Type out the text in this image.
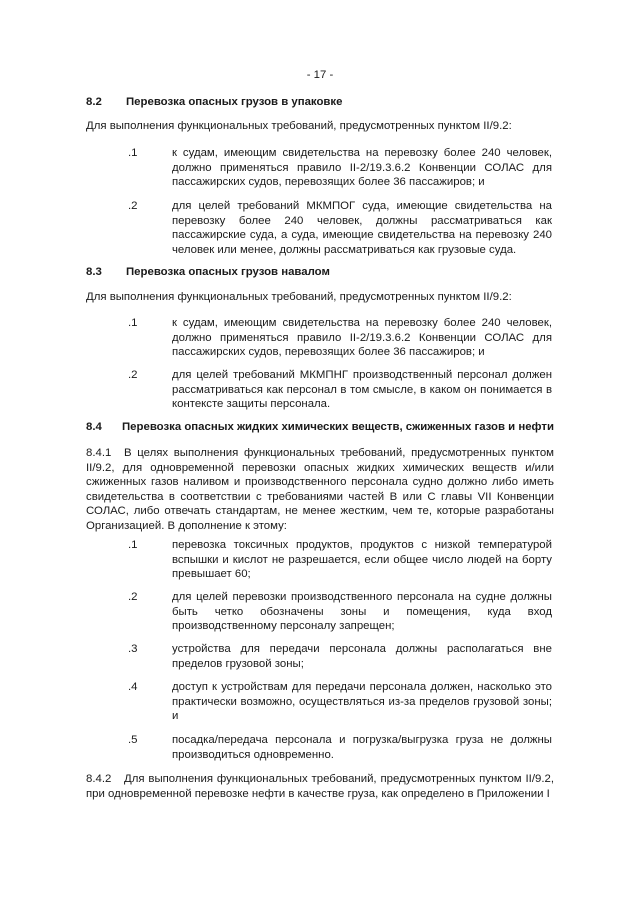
- 17 -
8.2 Перевозка опасных грузов в упаковке
Для выполнения функциональных требований, предусмотренных пунктом II/9.2:
.1	к судам, имеющим свидетельства на перевозку более 240 человек, должно применяться правило II-2/19.3.6.2 Конвенции СОЛАС для пассажирских судов, перевозящих более 36 пассажиров; и
.2	для целей требований МКМПОГ суда, имеющие свидетельства на перевозку более 240 человек, должны рассматриваться как пассажирские суда, а суда, имеющие свидетельства на перевозку 240 человек или менее, должны рассматриваться как грузовые суда.
8.3 Перевозка опасных грузов навалом
Для выполнения функциональных требований, предусмотренных пунктом II/9.2:
.1	к судам, имеющим свидетельства на перевозку более 240 человек, должно применяться правило II-2/19.3.6.2 Конвенции СОЛАС для пассажирских судов, перевозящих более 36 пассажиров; и
.2	для целей требований МКМПНГ производственный персонал должен рассматриваться как персонал в том смысле, в каком он понимается в контексте защиты персонала.
8.4 Перевозка опасных жидких химических веществ, сжиженных газов и нефти
8.4.1 В целях выполнения функциональных требований, предусмотренных пунктом II/9.2, для одновременной перевозки опасных жидких химических веществ и/или сжиженных газов наливом и производственного персонала судно должно либо иметь свидетельства в соответствии с требованиями частей B или C главы VII Конвенции СОЛАС, либо отвечать стандартам, не менее жестким, чем те, которые разработаны Организацией. В дополнение к этому:
.1	перевозка токсичных продуктов, продуктов с низкой температурой вспышки и кислот не разрешается, если общее число людей на борту превышает 60;
.2	для целей перевозки производственного персонала на судне должны быть четко обозначены зоны и помещения, куда вход производственному персоналу запрещен;
.3	устройства для передачи персонала должны располагаться вне пределов грузовой зоны;
.4	доступ к устройствам для передачи персонала должен, насколько это практически возможно, осуществляться из-за пределов грузовой зоны; и
.5	посадка/передача персонала и погрузка/выгрузка груза не должны производиться одновременно.
8.4.2 Для выполнения функциональных требований, предусмотренных пунктом II/9.2, при одновременной перевозке нефти в качестве груза, как определено в Приложении I
